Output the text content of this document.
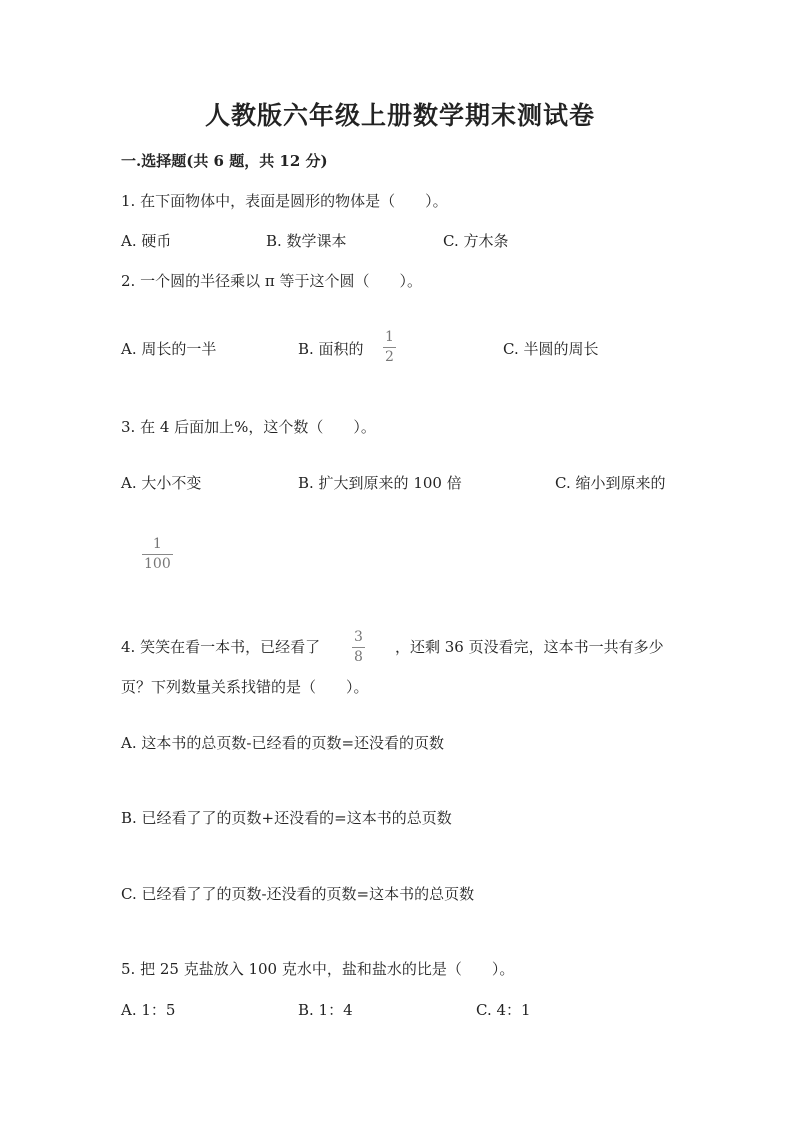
人教版六年级上册数学期末测试卷
一.选择题(共 6 题，共 12 分)
1. 在下面物体中，表面是圆形的物体是（　　）。
A. 硬币	B. 数学课本	C. 方木条
2. 一个圆的半径乘以 π 等于这个圆（　　）。
A. 周长的一半	B. 面积的
1
2	C. 半圆的周长
3. 在 4 后面加上%，这个数（　　）。
A. 大小不变	B. 扩大到原来的 100 倍	C. 缩小到原来的
1
100
4. 笑笑在看一本书，已经看了
3
8
，还剩 36 页没看完，这本书一共有多少
页？下列数量关系找错的是（　　）。
A. 这本书的总页数-已经看的页数=还没看的页数
B. 已经看了了的页数+还没看的=这本书的总页数
C. 已经看了了的页数-还没看的页数=这本书的总页数
5. 把 25 克盐放入 100 克水中，盐和盐水的比是（　　）。
A. 1：5	B. 1：4	C. 4：1
